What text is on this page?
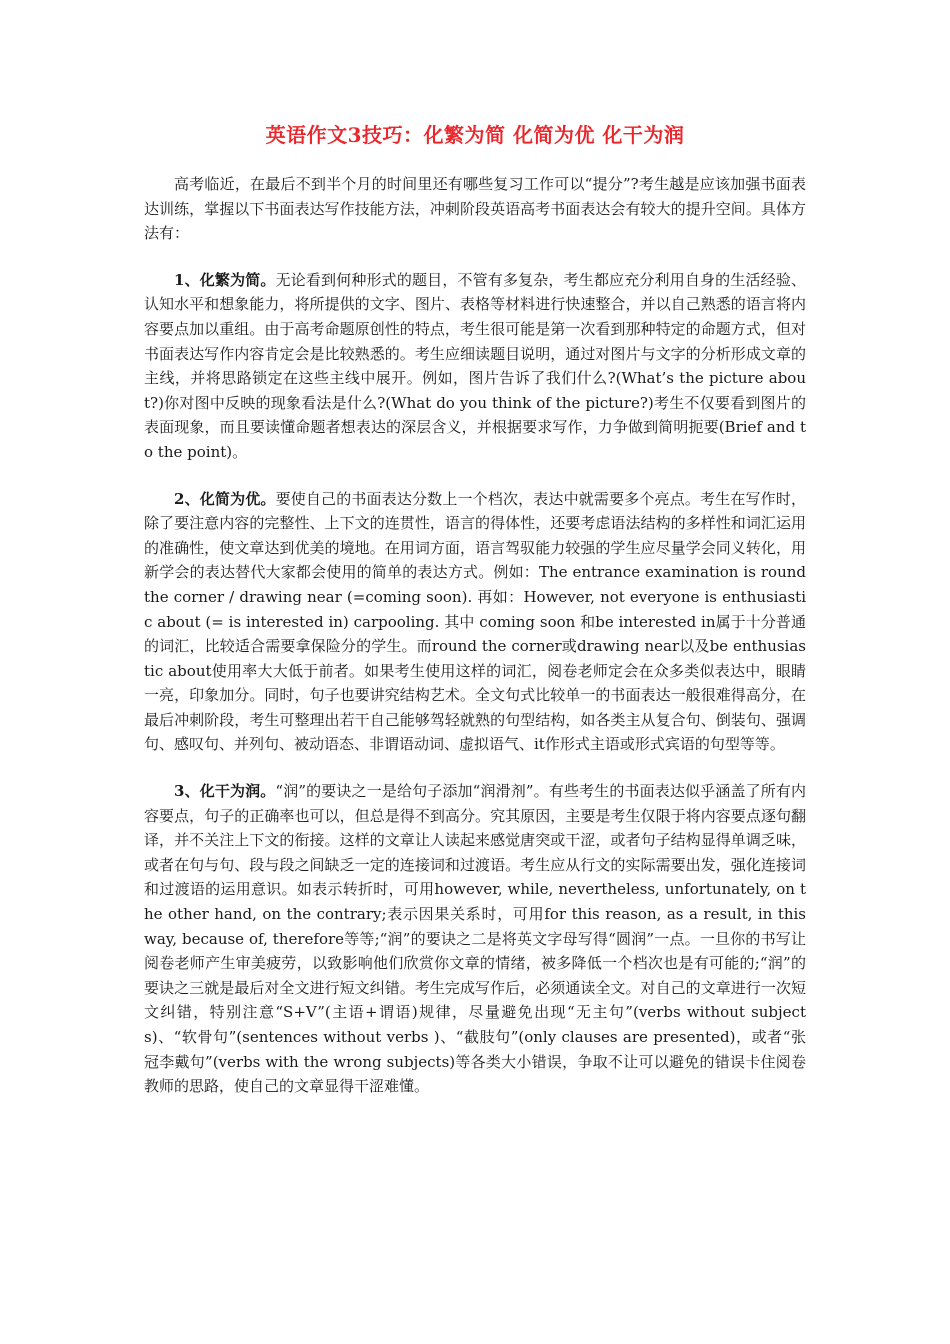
英语作文3技巧：化繁为简 化简为优 化干为润

高考临近，在最后不到半个月的时间里还有哪些复习工作可以“提分”?考生越是应该加强书面表达训练，掌握以下书面表达写作技能方法，冲刺阶段英语高考书面表达会有较大的提升空间。具体方法有：

1、化繁为简。无论看到何种形式的题目，不管有多复杂，考生都应充分利用自身的生活经验、认知水平和想象能力，将所提供的文字、图片、表格等材料进行快速整合，并以自己熟悉的语言将内容要点加以重组。由于高考命题原创性的特点，考生很可能是第一次看到那种特定的命题方式，但对书面表达写作内容肯定会是比较熟悉的。考生应细读题目说明，通过对图片与文字的分析形成文章的主线，并将思路锁定在这些主线中展开。例如，图片告诉了我们什么?(What’s the picture about?)你对图中反映的现象看法是什么?(What do you think of the picture?)考生不仅要看到图片的表面现象，而且要读懂命题者想表达的深层含义，并根据要求写作，力争做到简明扼要(Brief and to the point)。

2、化简为优。要使自己的书面表达分数上一个档次，表达中就需要多个亮点。考生在写作时，除了要注意内容的完整性、上下文的连贯性，语言的得体性，还要考虑语法结构的多样性和词汇运用的准确性，使文章达到优美的境地。在用词方面，语言驾驭能力较强的学生应尽量学会同义转化，用新学会的表达替代大家都会使用的简单的表达方式。例如：The entrance examination is round the corner / drawing near (=coming soon). 再如：However, not everyone is enthusiastic about (= is interested in) carpooling. 其中 coming soon 和be interested in属于十分普通的词汇，比较适合需要拿保险分的学生。而round the corner或drawing near以及be enthusiastic about使用率大大低于前者。如果考生使用这样的词汇，阅卷老师定会在众多类似表达中，眼睛一亮，印象加分。同时，句子也要讲究结构艺术。全文句式比较单一的书面表达一般很难得高分，在最后冲刺阶段，考生可整理出若干自己能够驾轻就熟的句型结构，如各类主从复合句、倒装句、强调句、感叹句、并列句、被动语态、非谓语动词、虚拟语气、it作形式主语或形式宾语的句型等等。

3、化干为润。“润”的要诀之一是给句子添加“润滑剂”。有些考生的书面表达似乎涵盖了所有内容要点，句子的正确率也可以，但总是得不到高分。究其原因，主要是考生仅限于将内容要点逐句翻译，并不关注上下文的衔接。这样的文章让人读起来感觉唐突或干涩，或者句子结构显得单调乏味，或者在句与句、段与段之间缺乏一定的连接词和过渡语。考生应从行文的实际需要出发，强化连接词和过渡语的运用意识。如表示转折时，可用however, while, nevertheless, unfortunately, on the other hand, on the contrary;表示因果关系时，可用for this reason, as a result, in this way, because of, therefore等等;“润”的要诀之二是将英文字母写得“圆润”一点。一旦你的书写让阅卷老师产生审美疲劳，以致影响他们欣赏你文章的情绪，被多降低一个档次也是有可能的;“润”的要诀之三就是最后对全文进行短文纠错。考生完成写作后，必须通读全文。对自己的文章进行一次短文纠错，特别注意“S+V”(主语+谓语)规律，尽量避免出现“无主句”(verbs without subjects)、“软骨句”(sentences without verbs )、“截肢句”(only clauses are presented)，或者“张冠李戴句”(verbs with the wrong subjects)等各类大小错误，争取不让可以避免的错误卡住阅卷教师的思路，使自己的文章显得干涩难懂。
